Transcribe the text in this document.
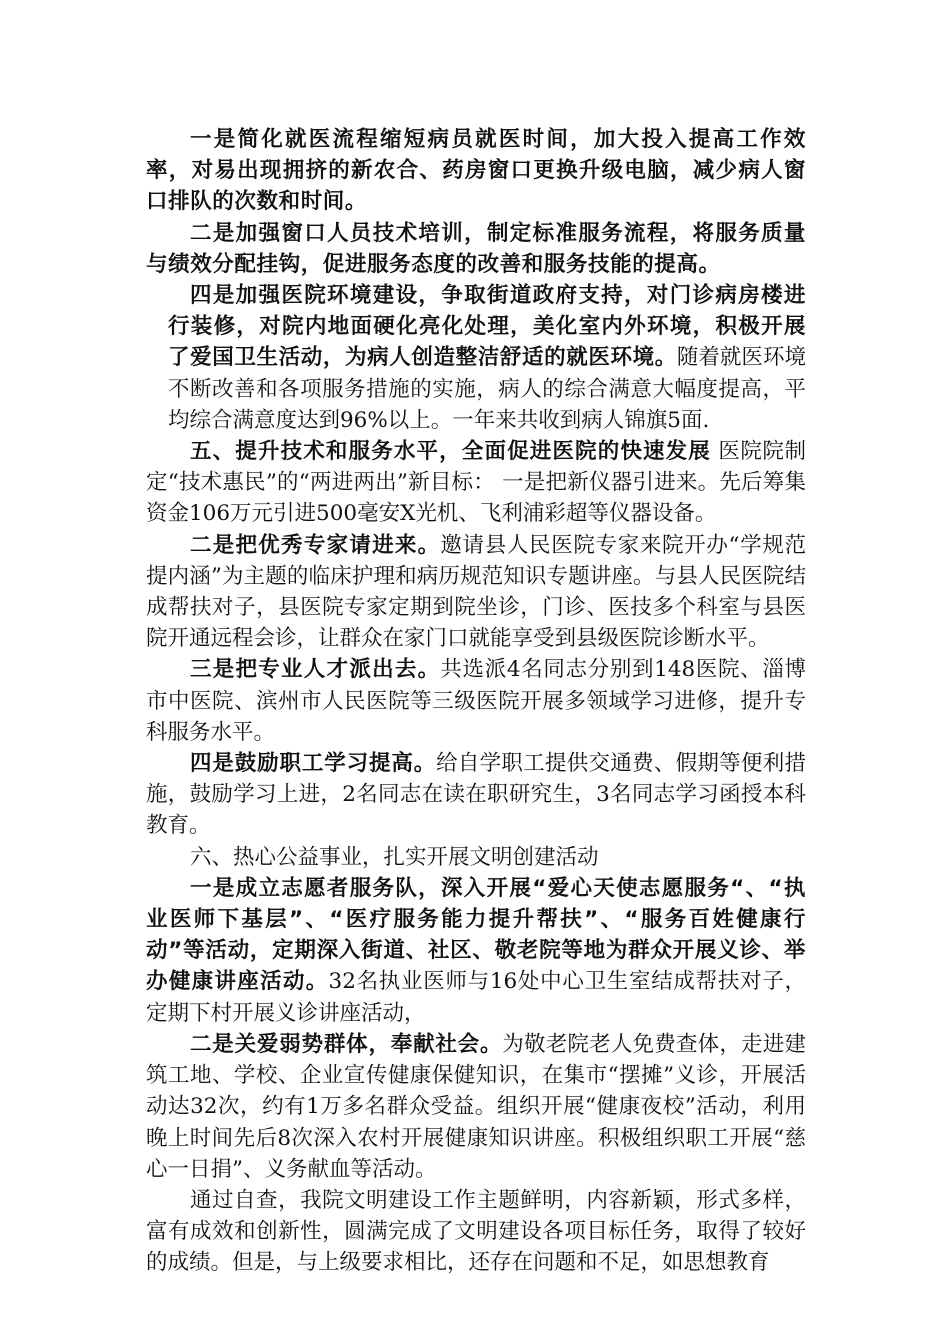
一是简化就医流程缩短病员就医时间，加大投入提高工作效率，对易出现拥挤的新农合、药房窗口更换升级电脑，减少病人窗口排队的次数和时间。

二是加强窗口人员技术培训，制定标准服务流程，将服务质量与绩效分配挂钩，促进服务态度的改善和服务技能的提高。

四是加强医院环境建设，争取街道政府支持，对门诊病房楼进行装修，对院内地面硬化亮化处理，美化室内外环境，积极开展了爱国卫生活动，为病人创造整洁舒适的就医环境。随着就医环境不断改善和各项服务措施的实施，病人的综合满意大幅度提高，平均综合满意度达到96%以上。一年来共收到病人锦旗5面.

五、提升技术和服务水平，全面促进医院的快速发展 医院院制定“技术惠民”的“两进两出”新目标： 一是把新仪器引进来。先后筹集资金106万元引进500毫安X光机、飞利浦彩超等仪器设备。

二是把优秀专家请进来。邀请县人民医院专家来院开办“学规范提内涵”为主题的临床护理和病历规范知识专题讲座。与县人民医院结成帮扶对子，县医院专家定期到院坐诊，门诊、医技多个科室与县医院开通远程会诊，让群众在家门口就能享受到县级医院诊断水平。

三是把专业人才派出去。共选派4名同志分别到148医院、淄博市中医院、滨州市人民医院等三级医院开展多领域学习进修，提升专科服务水平。

四是鼓励职工学习提高。给自学职工提供交通费、假期等便利措施，鼓励学习上进，2名同志在读在职研究生，3名同志学习函授本科教育。

六、热心公益事业，扎实开展文明创建活动

一是成立志愿者服务队，深入开展“爱心天使志愿服务“、“执业医师下基层”、“医疗服务能力提升帮扶”、“服务百姓健康行动”等活动，定期深入街道、社区、敬老院等地为群众开展义诊、举办健康讲座活动。32名执业医师与16处中心卫生室结成帮扶对子，定期下村开展义诊讲座活动，

二是关爱弱势群体，奉献社会。为敬老院老人免费查体，走进建筑工地、学校、企业宣传健康保健知识，在集市“摆摊”义诊，开展活动达32次，约有1万多名群众受益。组织开展“健康夜校”活动，利用晚上时间先后8次深入农村开展健康知识讲座。积极组织职工开展“慈心一日捐”、义务献血等活动。

通过自查，我院文明建设工作主题鲜明，内容新颖，形式多样，富有成效和创新性，圆满完成了文明建设各项目标任务，取得了较好的成绩。但是，与上级要求相比，还存在问题和不足，如思想教育
